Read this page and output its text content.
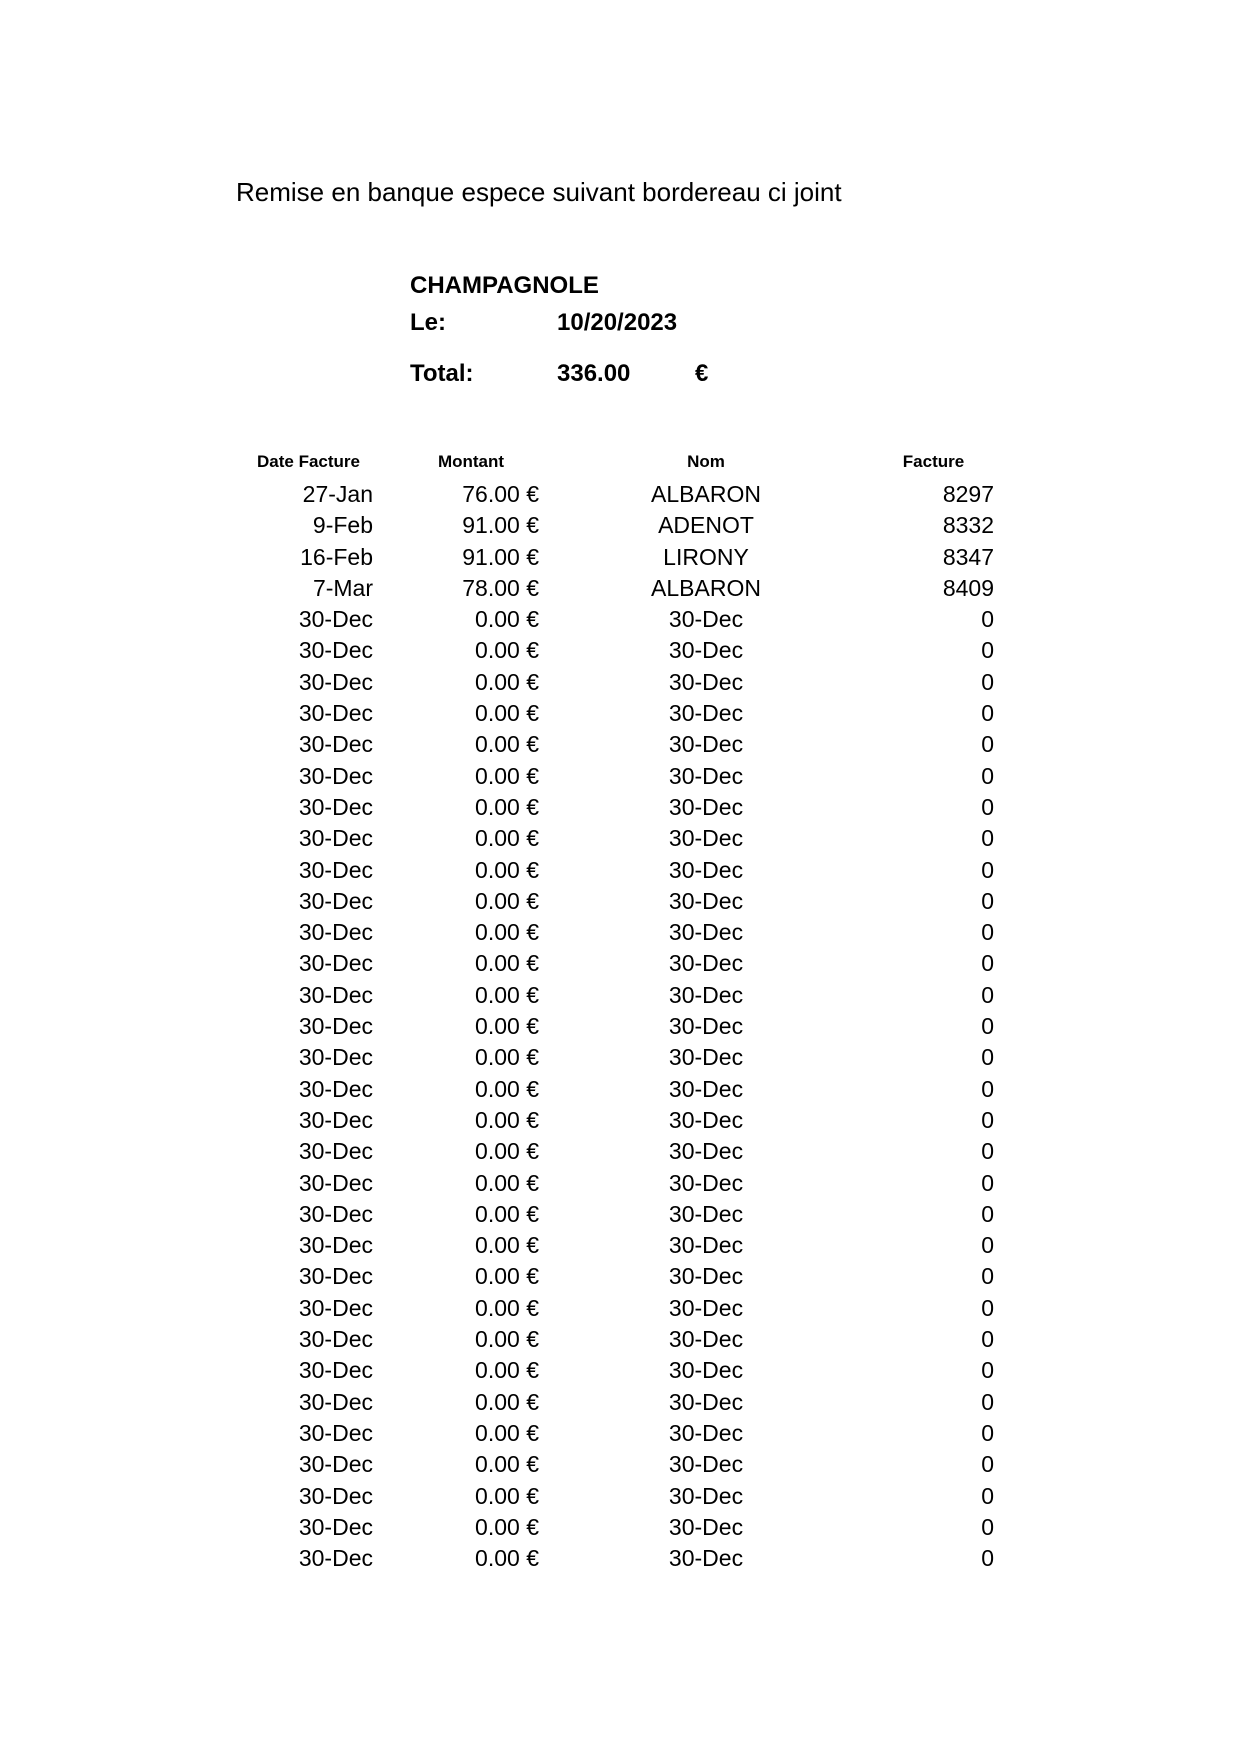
Remise en banque espece suivant bordereau ci joint
CHAMPAGNOLE
Le:	10/20/2023
Total:	336.00	€
Date Facture	Montant	Nom	Facture
27-Jan	76.00 €	ALBARON	8297
9-Feb	91.00 €	ADENOT	8332
16-Feb	91.00 €	LIRONY	8347
7-Mar	78.00 €	ALBARON	8409
30-Dec	0.00 €	30-Dec	0
30-Dec	0.00 €	30-Dec	0
30-Dec	0.00 €	30-Dec	0
30-Dec	0.00 €	30-Dec	0
30-Dec	0.00 €	30-Dec	0
30-Dec	0.00 €	30-Dec	0
30-Dec	0.00 €	30-Dec	0
30-Dec	0.00 €	30-Dec	0
30-Dec	0.00 €	30-Dec	0
30-Dec	0.00 €	30-Dec	0
30-Dec	0.00 €	30-Dec	0
30-Dec	0.00 €	30-Dec	0
30-Dec	0.00 €	30-Dec	0
30-Dec	0.00 €	30-Dec	0
30-Dec	0.00 €	30-Dec	0
30-Dec	0.00 €	30-Dec	0
30-Dec	0.00 €	30-Dec	0
30-Dec	0.00 €	30-Dec	0
30-Dec	0.00 €	30-Dec	0
30-Dec	0.00 €	30-Dec	0
30-Dec	0.00 €	30-Dec	0
30-Dec	0.00 €	30-Dec	0
30-Dec	0.00 €	30-Dec	0
30-Dec	0.00 €	30-Dec	0
30-Dec	0.00 €	30-Dec	0
30-Dec	0.00 €	30-Dec	0
30-Dec	0.00 €	30-Dec	0
30-Dec	0.00 €	30-Dec	0
30-Dec	0.00 €	30-Dec	0
30-Dec	0.00 €	30-Dec	0
30-Dec	0.00 €	30-Dec	0
